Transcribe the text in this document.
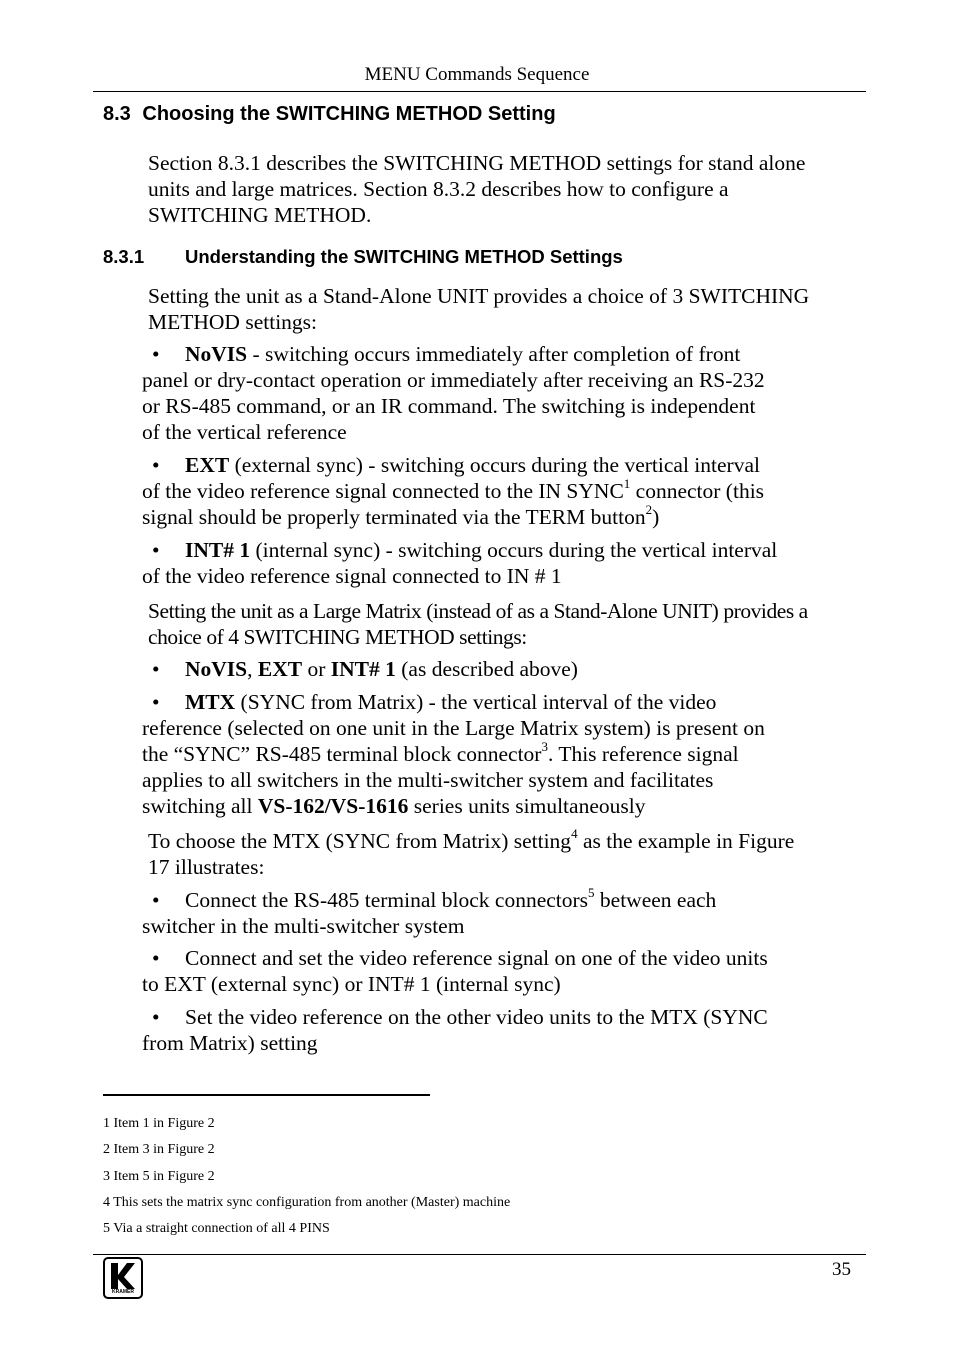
MENU Commands Sequence
8.3 Choosing the SWITCHING METHOD Setting
Section 8.3.1 describes the SWITCHING METHOD settings for stand alone
units and large matrices. Section 8.3.2 describes how to configure a
SWITCHING METHOD.
8.3.1 Understanding the SWITCHING METHOD Settings
Setting the unit as a Stand-Alone UNIT provides a choice of 3 SWITCHING
METHOD settings:
•	NoVIS - switching occurs immediately after completion of front
panel or dry-contact operation or immediately after receiving an RS-232
or RS-485 command, or an IR command. The switching is independent
of the vertical reference
•	EXT (external sync) - switching occurs during the vertical interval
of the video reference signal connected to the IN SYNC$^1$ connector (this
signal should be properly terminated via the TERM button$^2$)
•	INT# 1 (internal sync) - switching occurs during the vertical interval
of the video reference signal connected to IN # 1
Setting the unit as a Large Matrix (instead of as a Stand-Alone UNIT) provides a
choice of 4 SWITCHING METHOD settings:
•	NoVIS, EXT or INT# 1 (as described above)
•	MTX (SYNC from Matrix) - the vertical interval of the video
reference (selected on one unit in the Large Matrix system) is present on
the “SYNC” RS-485 terminal block connector$^3$. This reference signal
applies to all switchers in the multi-switcher system and facilitates
switching all VS-162/VS-1616 series units simultaneously
To choose the MTX (SYNC from Matrix) setting$^4$ as the example in Figure
17 illustrates:
•	Connect the RS-485 terminal block connectors$^5$ between each
switcher in the multi-switcher system
•	Connect and set the video reference signal on one of the video units
to EXT (external sync) or INT# 1 (internal sync)
•	Set the video reference on the other video units to the MTX (SYNC
from Matrix) setting
1 Item 1 in Figure 2
2 Item 3 in Figure 2
3 Item 5 in Figure 2
4 This sets the matrix sync configuration from another (Master) machine
5 Via a straight connection of all 4 PINS
35
KRAMER
